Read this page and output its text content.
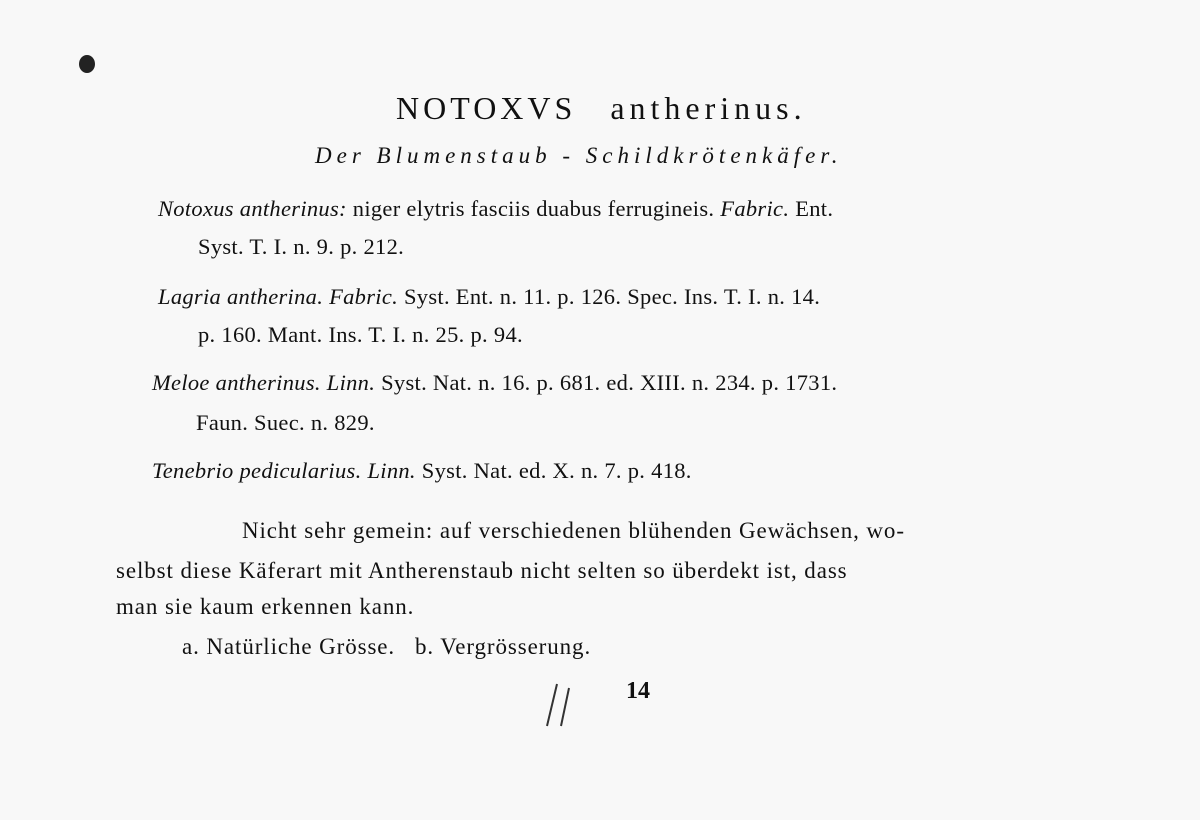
NOTOXVS antherinus.
Der Blumenstaub - Schildkrötenkäfer.
Notoxus antherinus: niger elytris fasciis duabus ferrugineis. Fabric. Ent.
Syst. T. I. n. 9. p. 212.
Lagria antherina. Fabric. Syst. Ent. n. 11. p. 126. Spec. Ins. T. I. n. 14.
p. 160. Mant. Ins. T. I. n. 25. p. 94.
Meloe antherinus. Linn. Syst. Nat. n. 16. p. 681. ed. XIII. n. 234. p. 1731.
Faun. Suec. n. 829.
Tenebrio pedicularius. Linn. Syst. Nat. ed. X. n. 7. p. 418.
Nicht sehr gemein: auf verschiedenen blühenden Gewächsen, wo-
selbst diese Käferart mit Antherenstaub nicht selten so überdekt ist, dass
man sie kaum erkennen kann.
a. Natürliche Grösse. b. Vergrösserung.
14
